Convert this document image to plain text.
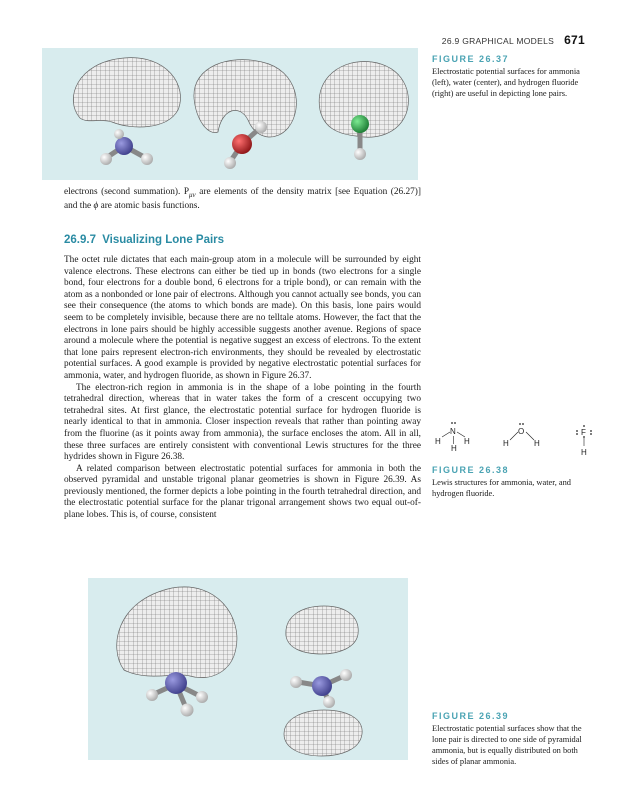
26.9 GRAPHICAL MODELS 671
FIGURE 26.37
Electrostatic potential surfaces for ammonia (left), water (center), and hydrogen fluoride (right) are useful in depicting lone pairs.
electrons (second summation). $P_{\mu\nu}$ are elements of the density matrix [see Equation (26.27)] and the ϕ are atomic basis functions.
26.9.7 Visualizing Lone Pairs

The octet rule dictates that each main-group atom in a molecule will be surrounded by eight valence electrons. These electrons can either be tied up in bonds (two electrons for a single bond, four electrons for a double bond, 6 electrons for a triple bond), or can remain with the atom as a nonbonded or lone pair of electrons. Although you cannot actually see bonds, you can see their consequence (the atoms to which bonds are made). On this basis, lone pairs would seem to be completely invisible, because there are no telltale atoms. However, the fact that the electrons in lone pairs should be highly accessible suggests another avenue. Regions of space around a molecule where the potential is negative suggest an excess of electrons. To the extent that lone pairs represent electron-rich environments, they should be revealed by electrostatic potential surfaces. A good example is provided by negative electrostatic potential surfaces for ammonia, water, and hydrogen fluoride, as shown in Figure 26.37.

The electron-rich region in ammonia is in the shape of a lobe pointing in the fourth tetrahedral direction, whereas that in water takes the form of a crescent occupying two tetrahedral sites. At first glance, the electrostatic potential surface for hydrogen fluoride is nearly identical to that in ammonia. Closer inspection reveals that rather than pointing away from the fluorine (as it points away from ammonia), the surface encloses the atom. All in all, these three surfaces are entirely consistent with conventional Lewis structures for the three hydrides shown in Figure 26.38.

A related comparison between electrostatic potential surfaces for ammonia in both the observed pyramidal and unstable trigonal planar geometries is shown in Figure 26.39. As previously mentioned, the former depicts a lobe pointing in the fourth tetrahedral direction, and the electrostatic potential surface for the planar trigonal arrangement shows two equal out-of-plane lobes. This is, of course, consistent

N
H	H
H
O
H	H
F
H
FIGURE 26.38
Lewis structures for ammonia, water, and hydrogen fluoride.
FIGURE 26.39
Electrostatic potential surfaces show that the lone pair is directed to one side of pyramidal ammonia, but is equally distributed on both sides of planar ammonia.
